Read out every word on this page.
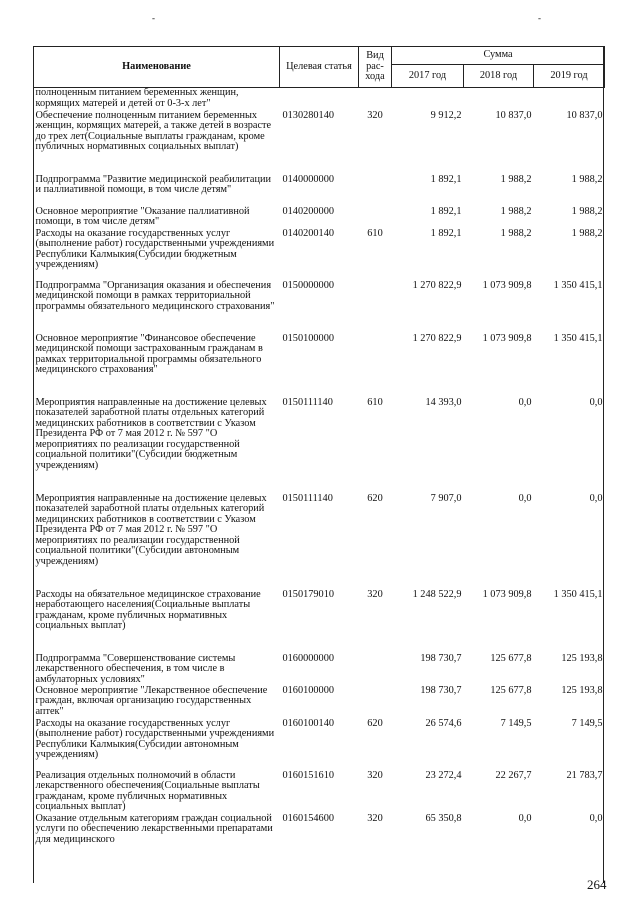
-	-
Наименование	Целевая статья	Вид рас-хода	Сумма		
			2017 год	2018 год	2019 год
полноценным питанием беременных женщин, кормящих матерей и детей от 0-3-х лет"					
Обеспечение полноценным питанием беременных женщин, кормящих матерей, а также детей в возрасте до трех лет(Социальные выплаты гражданам, кроме публичных нормативных социальных выплат)	0130280140	320	9 912,2	10 837,0	10 837,0
Подпрограмма "Развитие медицинской реабилитации и паллиативной помощи, в том числе детям"	0140000000		1 892,1	1 988,2	1 988,2
Основное мероприятие "Оказание паллиативной помощи, в том числе детям"	0140200000		1 892,1	1 988,2	1 988,2
Расходы на оказание государственных услуг (выполнение работ) государственными учреждениями Республики Калмыкия(Субсидии бюджетным учреждениям)	0140200140	610	1 892,1	1 988,2	1 988,2
Подпрограмма "Организация оказания и обеспечения медицинской помощи в рамках территориальной программы обязательного медицинского страхования"	0150000000		1 270 822,9	1 073 909,8	1 350 415,1
Основное мероприятие "Финансовое обеспечение медицинской помощи застрахованным гражданам в рамках территориальной программы обязательного медицинского страхования"	0150100000		1 270 822,9	1 073 909,8	1 350 415,1
Мероприятия направленные на достижение целевых показателей заработной платы отдельных категорий медицинских работников в соответствии с Указом Президента РФ от 7 мая 2012 г. № 597 "О мероприятиях по реализации государственной социальной политики"(Субсидии бюджетным учреждениям)	0150111140	610	14 393,0	0,0	0,0
Мероприятия направленные на достижение целевых показателей заработной платы отдельных категорий медицинских работников в соответствии с Указом Президента РФ от 7 мая 2012 г. № 597 "О мероприятиях по реализации государственной социальной политики"(Субсидии автономным учреждениям)	0150111140	620	7 907,0	0,0	0,0
Расходы на обязательное медицинское страхование неработающего населения(Социальные выплаты гражданам, кроме публичных нормативных социальных выплат)	0150179010	320	1 248 522,9	1 073 909,8	1 350 415,1
Подпрограмма "Совершенствование системы лекарственного обеспечения, в том числе в амбулаторных условиях"	0160000000		198 730,7	125 677,8	125 193,8
Основное мероприятие "Лекарственное обеспечение граждан, включая организацию государственных аптек"	0160100000		198 730,7	125 677,8	125 193,8
Расходы на оказание государственных услуг (выполнение работ) государственными учреждениями Республики Калмыкия(Субсидии автономным учреждениям)	0160100140	620	26 574,6	7 149,5	7 149,5
Реализация отдельных полномочий в области лекарственного обеспечения(Социальные выплаты гражданам, кроме публичных нормативных социальных выплат)	0160151610	320	23 272,4	22 267,7	21 783,7
Оказание отдельным категориям граждан социальной услуги по обеспечению лекарственными препаратами для медицинского	0160154600	320	65 350,8	0,0	0,0
264
